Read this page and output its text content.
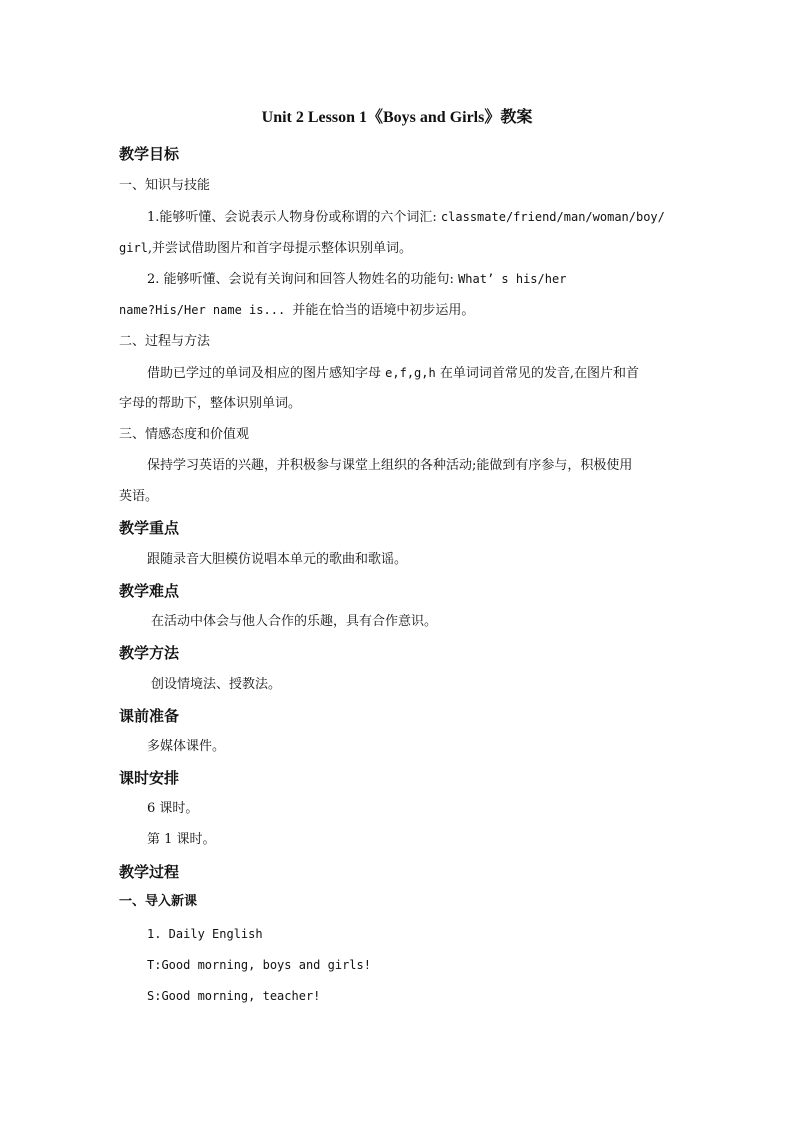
Unit 2 Lesson 1《Boys and Girls》教案
教学目标
一、知识与技能
1.能够听懂、会说表示人物身份或称谓的六个词汇: classmate/friend/man/woman/boy/
girl,并尝试借助图片和首字母提示整体识别单词。
2. 能够听懂、会说有关询问和回答人物姓名的功能句: What’ s his/her
name?His/Her name is... 并能在恰当的语境中初步运用。
二、过程与方法
借助已学过的单词及相应的图片感知字母 e,f,g,h 在单词词首常见的发音,在图片和首
字母的帮助下，整体识别单词。
三、情感态度和价值观
保持学习英语的兴趣，并积极参与课堂上组织的各种活动;能做到有序参与，积极使用
英语。
教学重点
跟随录音大胆模仿说唱本单元的歌曲和歌谣。
教学难点
在活动中体会与他人合作的乐趣，具有合作意识。
教学方法
创设情境法、授教法。
课前准备
多媒体课件。
课时安排
6 课时。
第 1 课时。
教学过程
一、导入新课
1. Daily English
T:Good morning, boys and girls!
S:Good morning, teacher!
